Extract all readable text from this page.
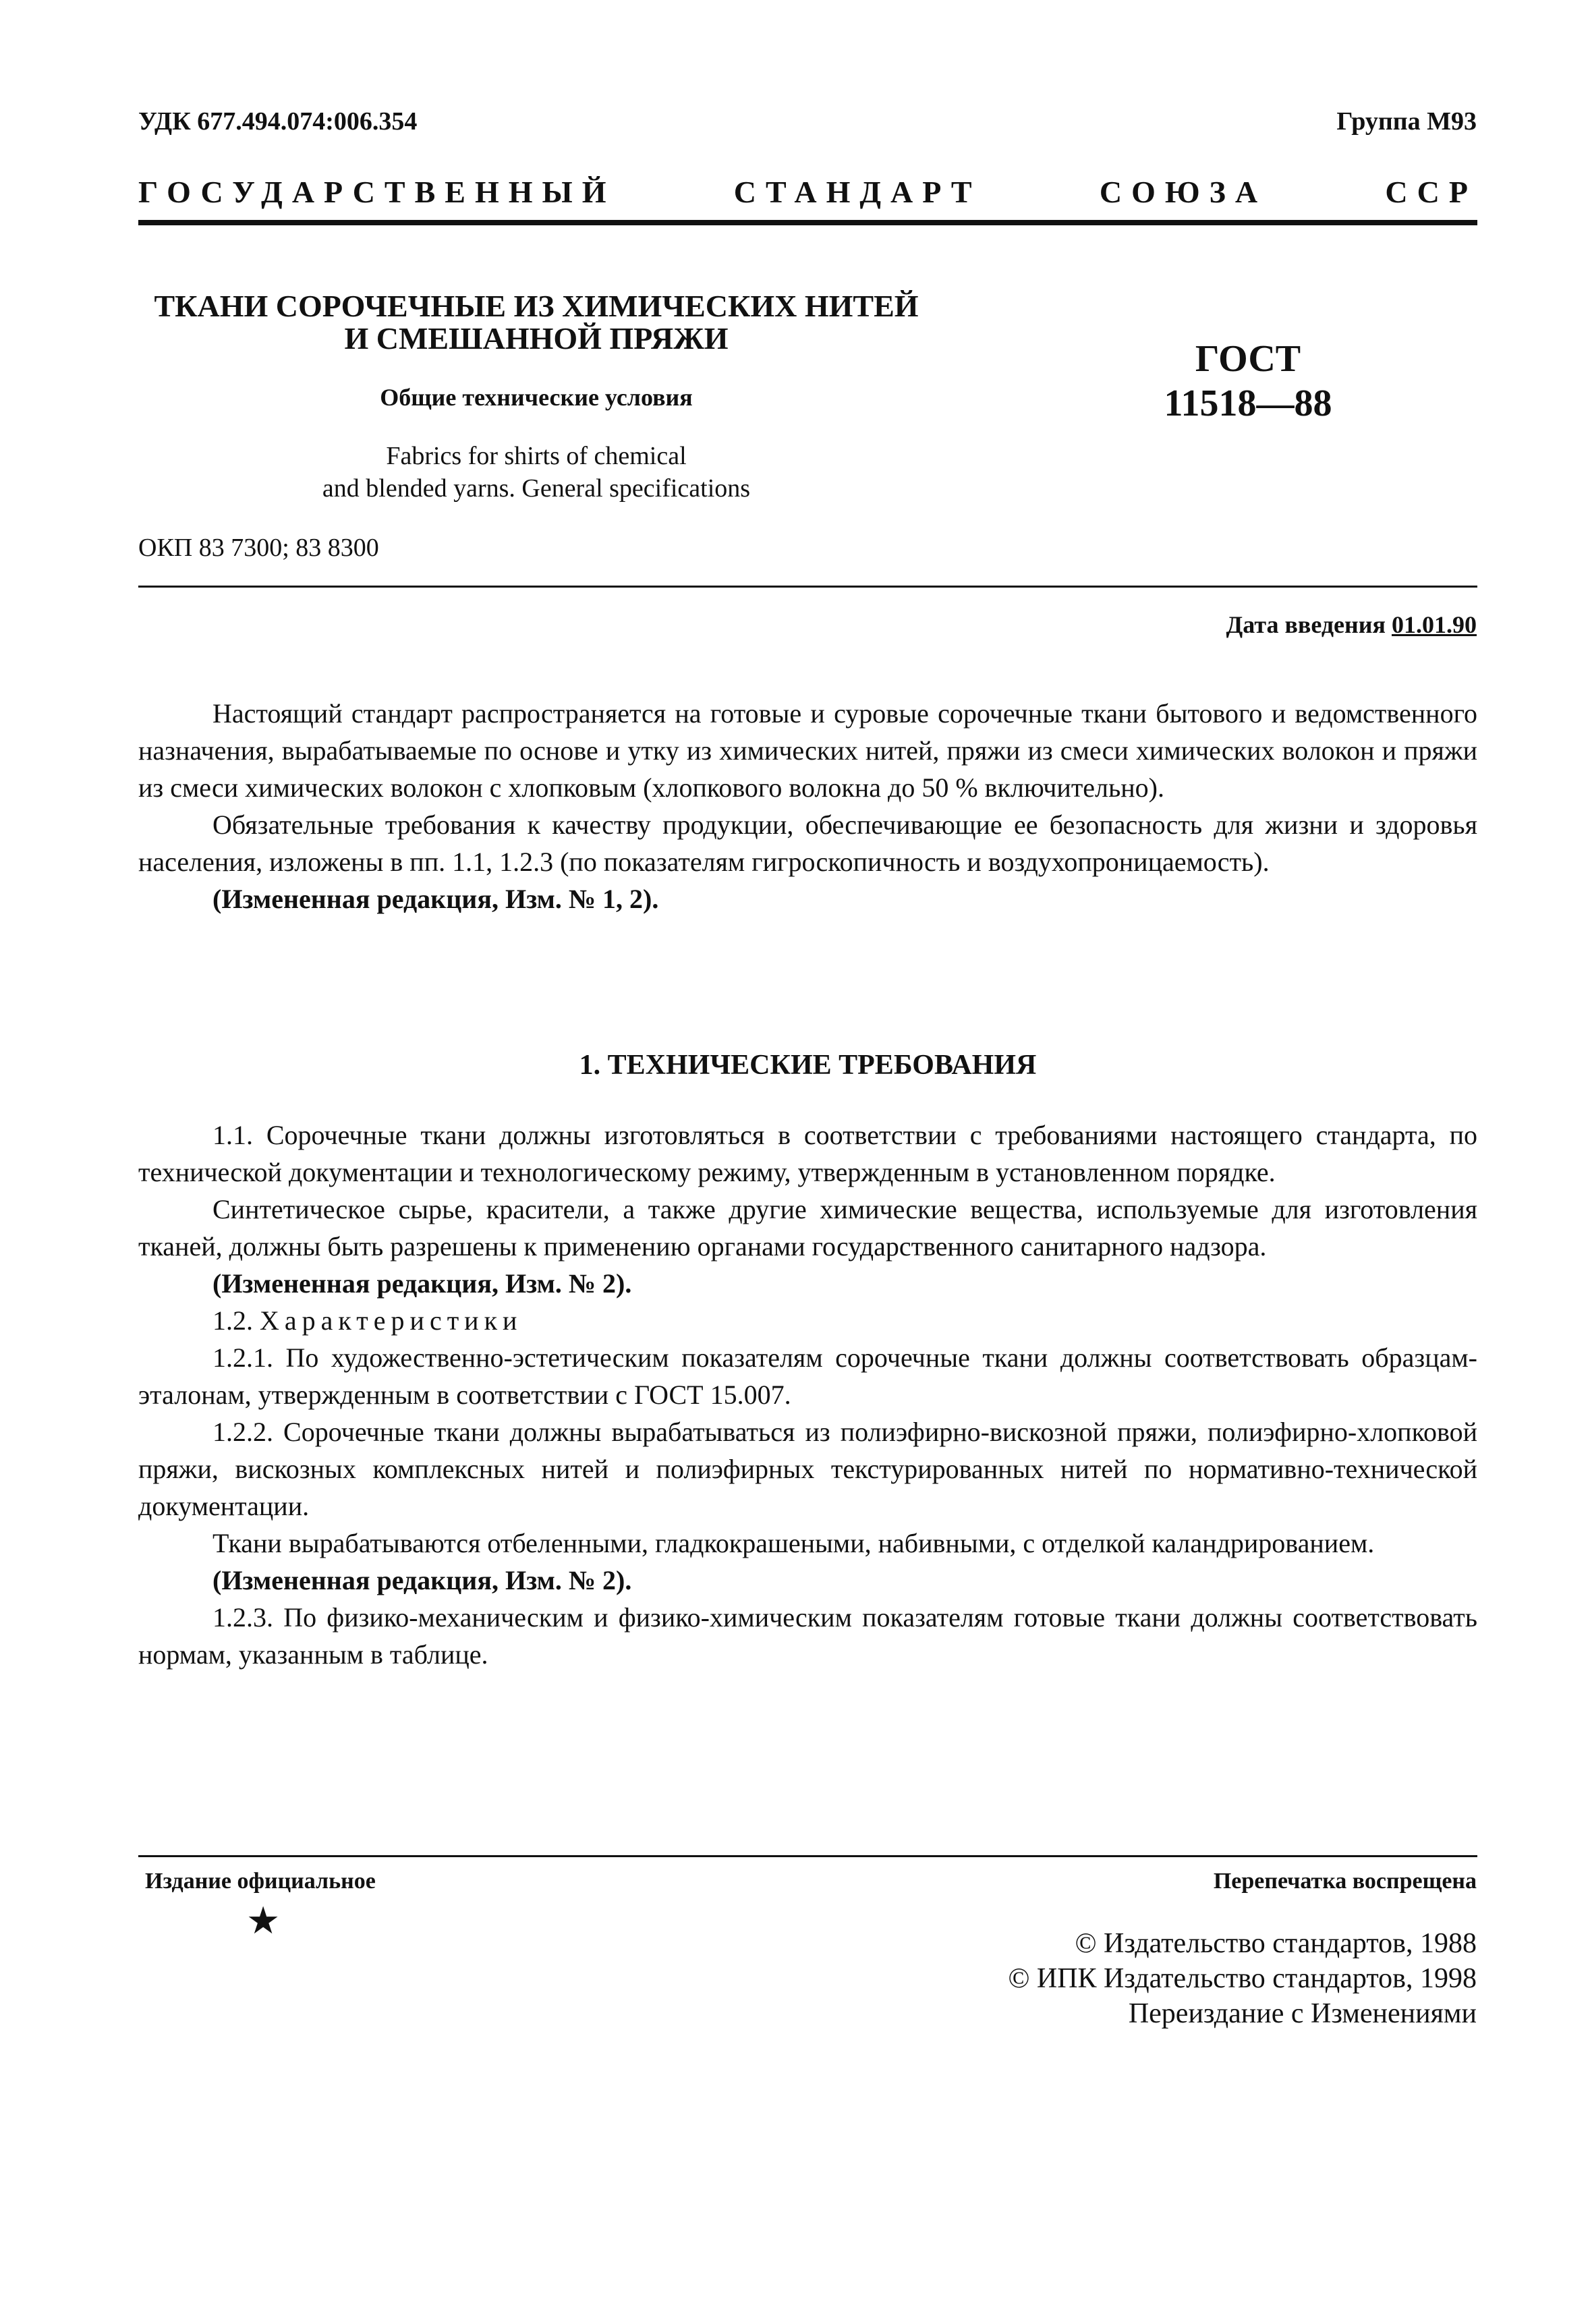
УДК 677.494.074:006.354	Группа М93
ГОСУДАРСТВЕННЫЙ	СТАНДАРТ	СОЮЗА	ССР
ТКАНИ СОРОЧЕЧНЫЕ ИЗ ХИМИЧЕСКИХ НИТЕЙ
И СМЕШАННОЙ ПРЯЖИ
Общие технические условия
Fabrics for shirts of chemical
and blended yarns. General specifications
ГОСТ
11518—88
ОКП 83 7300; 83 8300
Дата введения 01.01.90

Настоящий стандарт распространяется на готовые и суровые сорочечные ткани бытового и ведомственного назначения, вырабатываемые по основе и утку из химических нитей, пряжи из смеси химических волокон и пряжи из смеси химических волокон с хлопковым (хлопкового волокна до 50 % включительно).

Обязательные требования к качеству продукции, обеспечивающие ее безопасность для жизни и здоровья населения, изложены в пп. 1.1, 1.2.3 (по показателям гигроскопичность и воздухопроницаемость).

(Измененная редакция, Изм. № 1, 2).

1. ТЕХНИЧЕСКИЕ ТРЕБОВАНИЯ

1.1. Сорочечные ткани должны изготовляться в соответствии с требованиями настоящего стандарта, по технической документации и технологическому режиму, утвержденным в установленном порядке.

Синтетическое сырье, красители, а также другие химические вещества, используемые для изготовления тканей, должны быть разрешены к применению органами государственного санитарного надзора.

(Измененная редакция, Изм. № 2).

1.2. Характеристики

1.2.1. По художественно-эстетическим показателям сорочечные ткани должны соответствовать образцам-эталонам, утвержденным в соответствии с ГОСТ 15.007.

1.2.2. Сорочечные ткани должны вырабатываться из полиэфирно-вискозной пряжи, полиэфирно-хлопковой пряжи, вискозных комплексных нитей и полиэфирных текстурированных нитей по нормативно-технической документации.

Ткани вырабатываются отбеленными, гладкокрашеными, набивными, с отделкой каландрированием.

(Измененная редакция, Изм. № 2).

1.2.3. По физико-механическим и физико-химическим показателям готовые ткани должны соответствовать нормам, указанным в таблице.

Издание официальное	Перепечатка воспрещена
★
© Издательство стандартов, 1988
© ИПК Издательство стандартов, 1998
Переиздание с Изменениями
